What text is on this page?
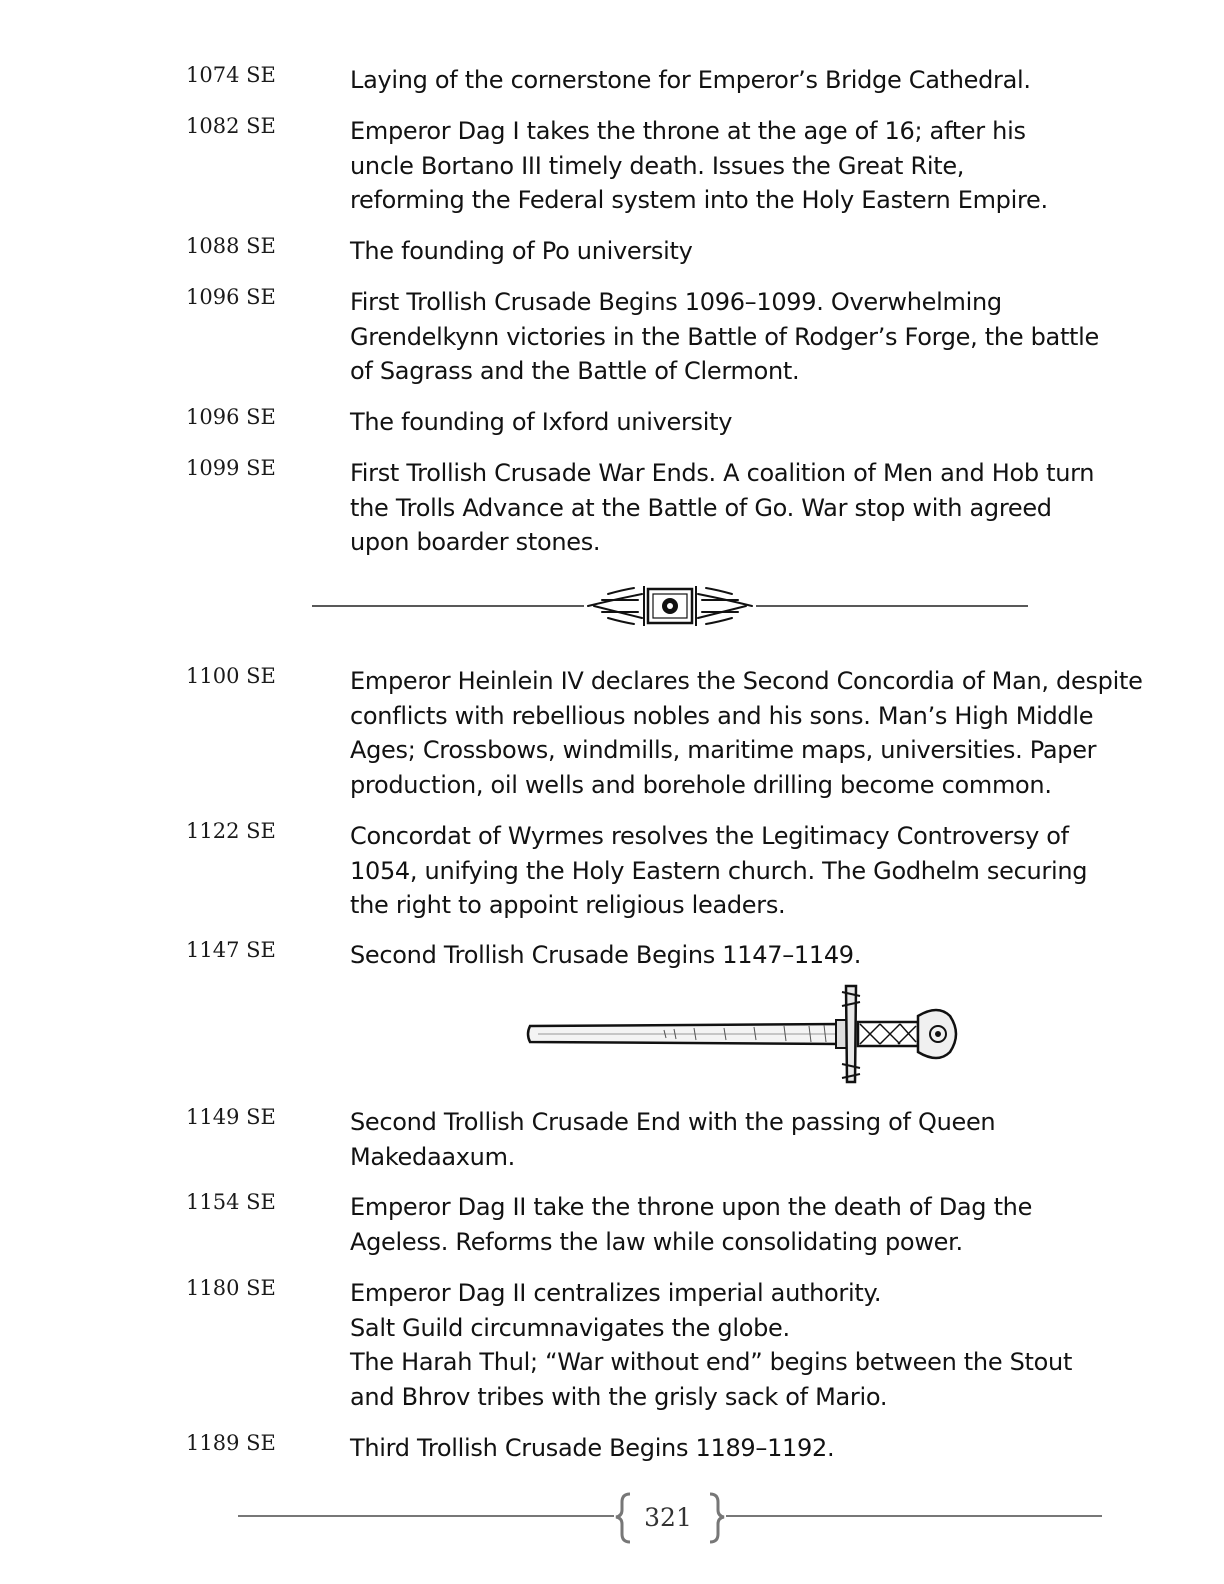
1074 SE	Laying of the cornerstone for Emperor’s Bridge Cathedral.
1082 SE	Emperor Dag I takes the throne at the age of 16; after his
uncle Bortano III timely death. Issues the Great Rite,
reforming the Federal system into the Holy Eastern Empire.
1088 SE	The founding of Po university
1096 SE	First Trollish Crusade Begins 1096–1099. Overwhelming
Grendelkynn victories in the Battle of Rodger’s Forge, the battle
of Sagrass and the Battle of Clermont.
1096 SE	The founding of Ixford university
1099 SE	First Trollish Crusade War Ends. A coalition of Men and Hob turn
the Trolls Advance at the Battle of Go. War stop with agreed
upon boarder stones.
1100 SE	Emperor Heinlein IV declares the Second Concordia of Man, despite
conflicts with rebellious nobles and his sons. Man’s High Middle
Ages; Crossbows, windmills, maritime maps, universities. Paper
production, oil wells and borehole drilling become common.
1122 SE	Concordat of Wyrmes resolves the Legitimacy Controversy of
1054, unifying the Holy Eastern church. The Godhelm securing
the right to appoint religious leaders.
1147 SE	Second Trollish Crusade Begins 1147–1149.
1149 SE	Second Trollish Crusade End with the passing of Queen
Makedaaxum.
1154 SE	Emperor Dag II take the throne upon the death of Dag the
Ageless. Reforms the law while consolidating power.
1180 SE	Emperor Dag II centralizes imperial authority.
Salt Guild circumnavigates the globe.
The Harah Thul; “War without end” begins between the Stout
and Bhrov tribes with the grisly sack of Mario.
1189 SE	Third Trollish Crusade Begins 1189–1192.
321
